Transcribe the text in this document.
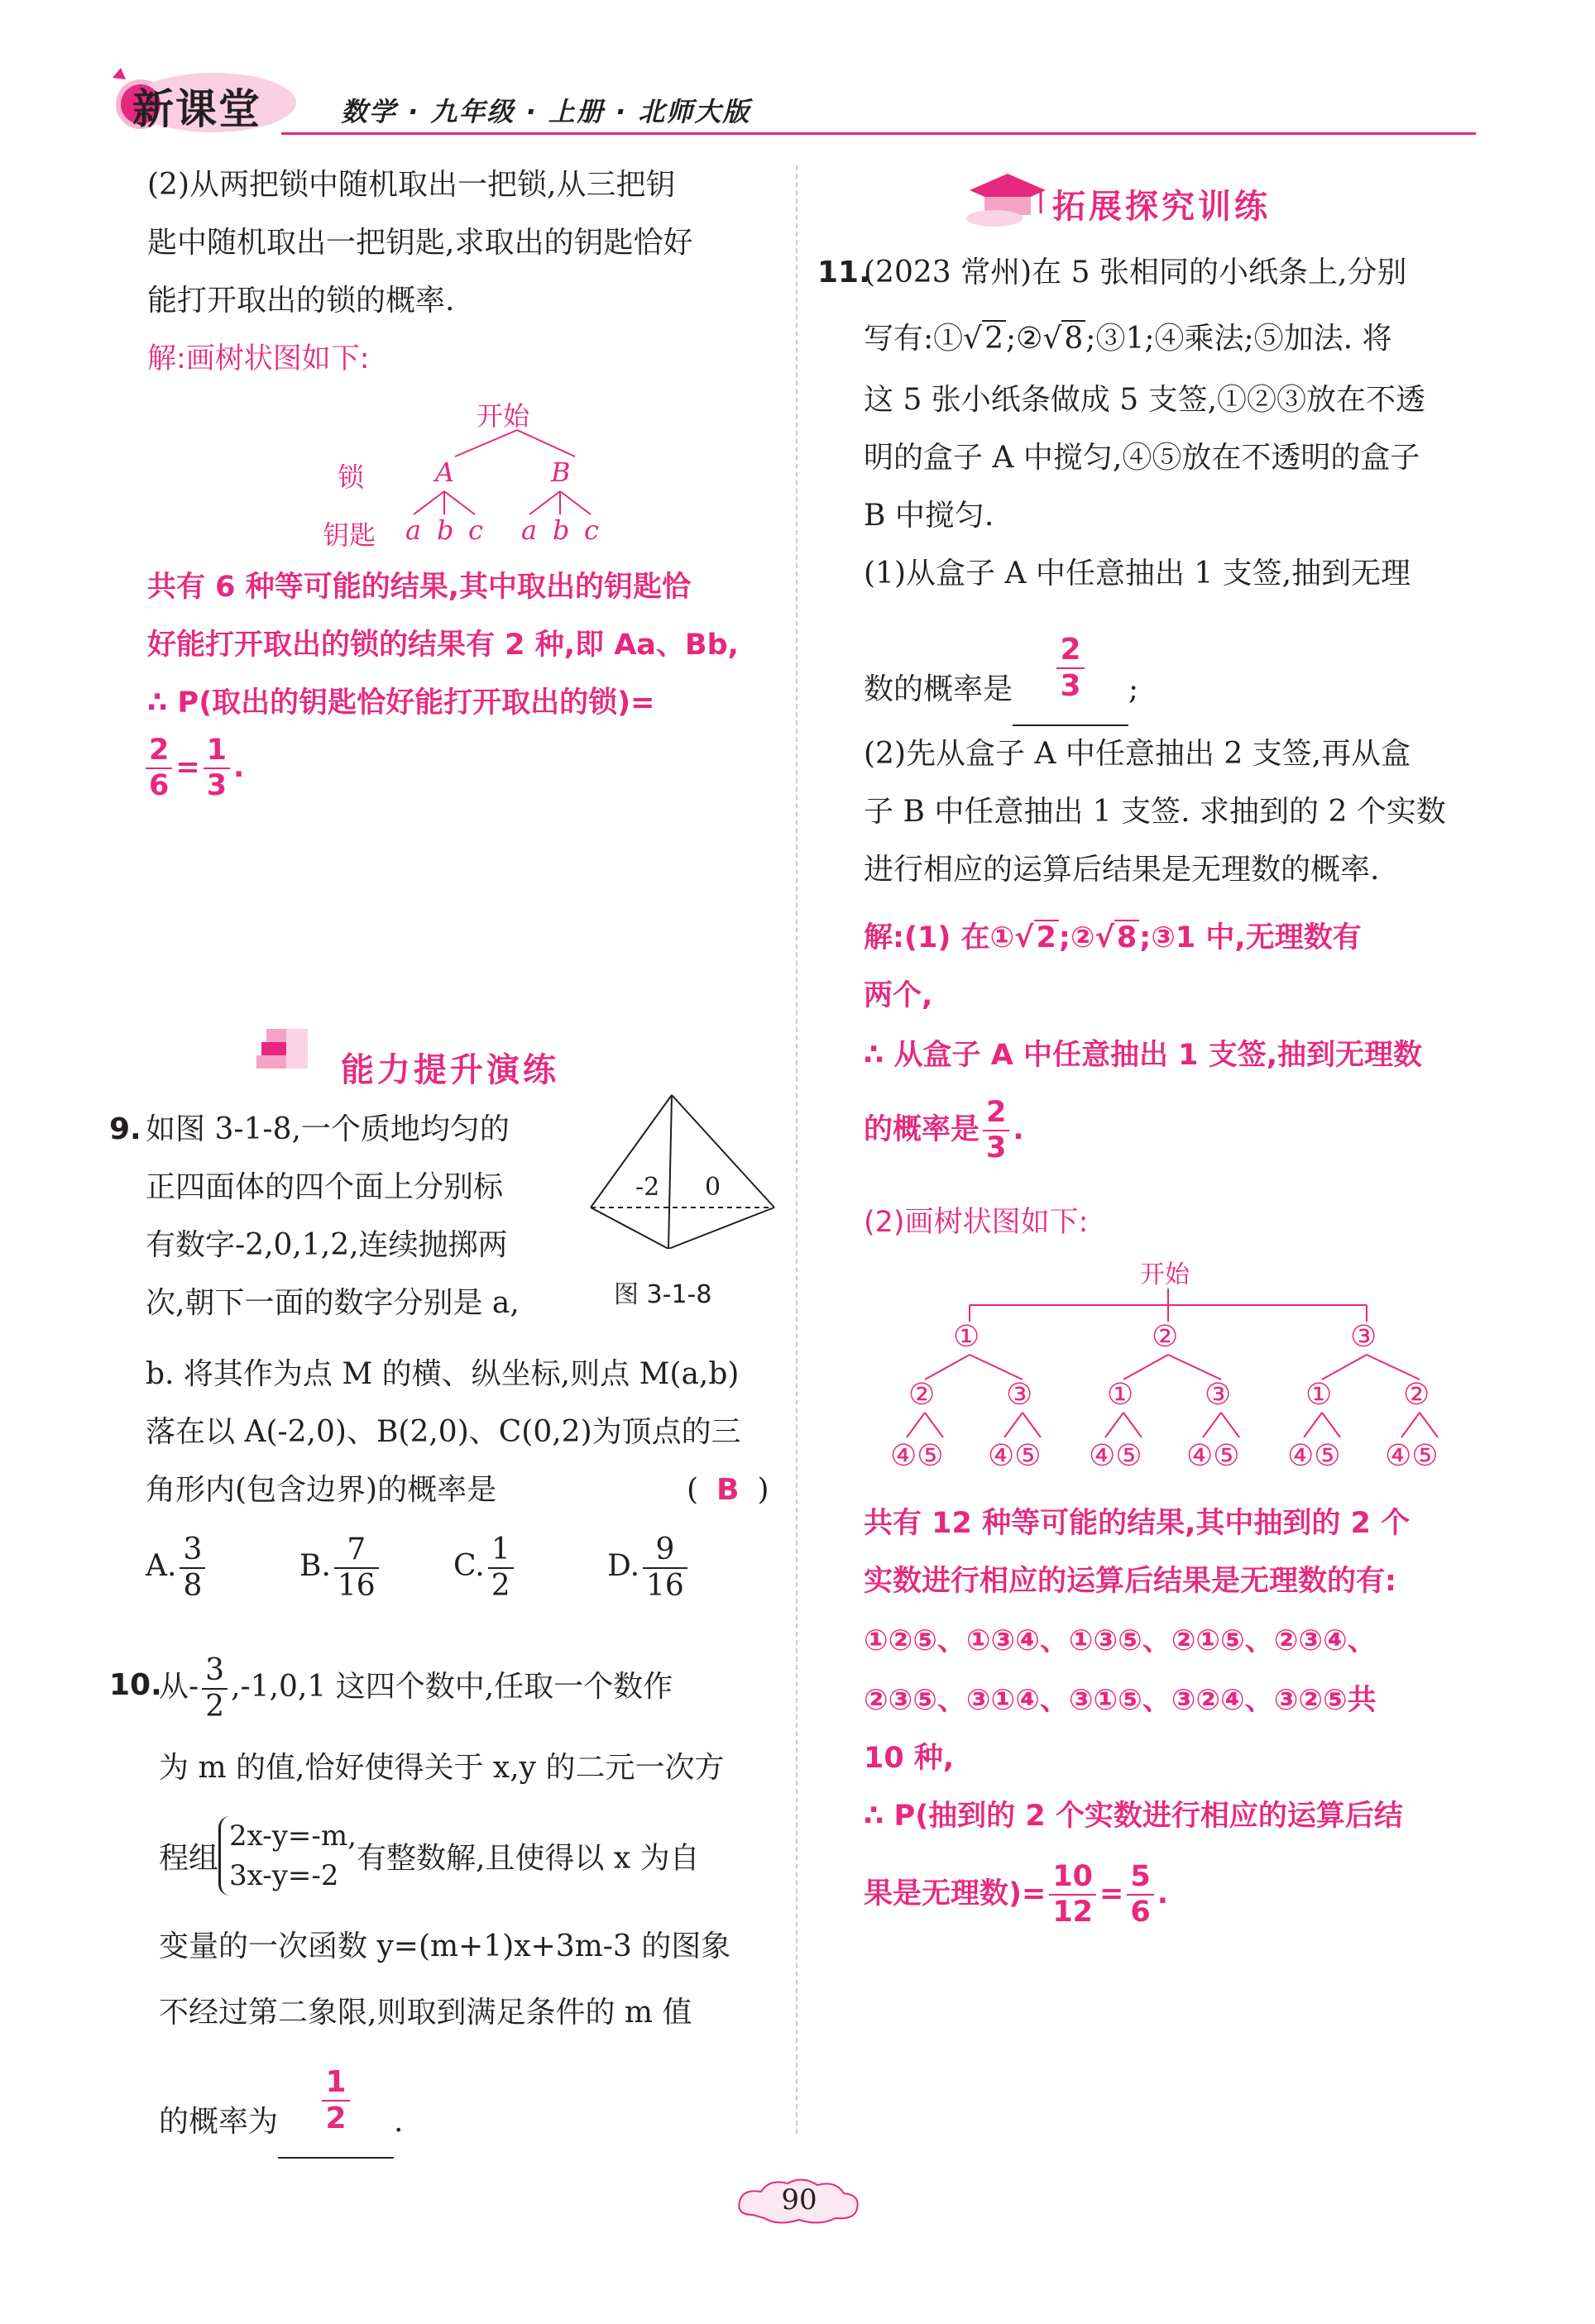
新课堂	数学 · 九年级 · 上册 · 北师大版
(2)从两把锁中随机取出一把锁,从三把钥
匙中随机取出一把钥匙,求取出的钥匙恰好
能打开取出的锁的概率.
解:画树状图如下:
开始
锁
钥匙
A	B
a b c a b c
共有 6 种等可能的结果,其中取出的钥匙恰
好能打开取出的锁的结果有 2 种,即 Aa、Bb,
∴ P(取出的钥匙恰好能打开取出的锁)=
$\frac{2}{6} = \frac{1}{3}$ .
能力提升演练
9. 如图 3-1-8,一个质地均匀的
正四面体的四个面上分别标
有数字-2,0,1,2,连续抛掷两
次,朝下一面的数字分别是 a,
b. 将其作为点 M 的横、纵坐标,则点 M(a,b)
落在以 A(-2,0)、B(2,0)、C(0,2)为顶点的三
角形内(包含边界)的概率是	( B )
-2 0
图 3-1-8
A. $\frac{3}{8}$	B. $\frac{7}{16}$	C. $\frac{1}{2}$	D. $\frac{9}{16}$
10.
从- $\frac{3}{2} ,-1,0,1$ 这四个数中,任取一个数作
为 m 的值,恰好使得关于 x,y 的二元一次方
程组
2x-y=-m,
3x-y=-2
有整数解,且使得以 x 为自
变量的一次函数 y=(m+1)x+3m-3 的图象
不经过第二象限,则取到满足条件的 m 值
的概率为 $\frac{1}{2}$ .
拓展探究训练
11.
(2023 常州)在 5 张相同的小纸条上,分别
写有:①√2;②√8;③1;④乘法;⑤加法. 将
这 5 张小纸条做成 5 支签,①②③放在不透
明的盒子 A 中搅匀,④⑤放在不透明的盒子
B 中搅匀.
(1)从盒子 A 中任意抽出 1 支签,抽到无理
数的概率是 $\frac{2}{3}$ ;
(2)先从盒子 A 中任意抽出 2 支签,再从盒
子 B 中任意抽出 1 支签. 求抽到的 2 个实数
进行相应的运算后结果是无理数的概率.
解:(1) 在①√2;②√8;③1 中,无理数有
两个,
∴ 从盒子 A 中任意抽出 1 支签,抽到无理数
的概率是 $\frac{2}{3}$ .
(2)画树状图如下:
开始
①	②	③
② ③ ① ③ ① ②
④⑤ ④⑤ ④⑤ ④⑤ ④⑤ ④⑤
共有 12 种等可能的结果,其中抽到的 2 个
实数进行相应的运算后结果是无理数的有:
①②⑤、①③④、①③⑤、②①⑤、②③④、
②③⑤、③①④、③①⑤、③②④、③②⑤共
10 种,
∴ P(抽到的 2 个实数进行相应的运算后结
果是无理数)= $\frac{10}{12} = \frac{5}{6}$ .
90
